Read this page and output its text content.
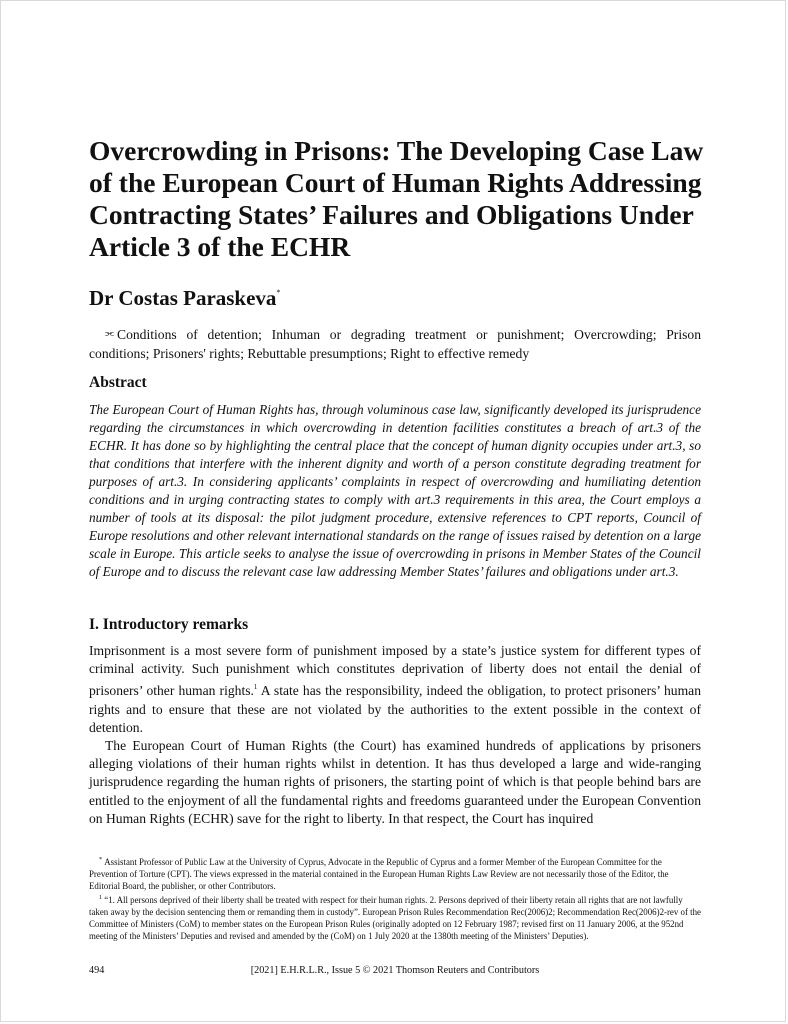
Overcrowding in Prisons: The Developing Case Law of the European Court of Human Rights Addressing Contracting States’ Failures and Obligations Under Article 3 of the ECHR
Dr Costas Paraskeva*

⫘ Conditions of detention; Inhuman or degrading treatment or punishment; Overcrowding; Prison conditions; Prisoners' rights; Rebuttable presumptions; Right to effective remedy

Abstract

The European Court of Human Rights has, through voluminous case law, significantly developed its jurisprudence regarding the circumstances in which overcrowding in detention facilities constitutes a breach of art.3 of the ECHR. It has done so by highlighting the central place that the concept of human dignity occupies under art.3, so that conditions that interfere with the inherent dignity and worth of a person constitute degrading treatment for purposes of art.3. In considering applicants’ complaints in respect of overcrowding and humiliating detention conditions and in urging contracting states to comply with art.3 requirements in this area, the Court employs a number of tools at its disposal: the pilot judgment procedure, extensive references to CPT reports, Council of Europe resolutions and other relevant international standards on the range of issues raised by detention on a large scale in Europe. This article seeks to analyse the issue of overcrowding in prisons in Member States of the Council of Europe and to discuss the relevant case law addressing Member States’ failures and obligations under art.3.

I. Introductory remarks

Imprisonment is a most severe form of punishment imposed by a state’s justice system for different types of criminal activity. Such punishment which constitutes deprivation of liberty does not entail the denial of prisoners’ other human rights.$^1$ A state has the responsibility, indeed the obligation, to protect prisoners’ human rights and to ensure that these are not violated by the authorities to the extent possible in the context of detention.

The European Court of Human Rights (the Court) has examined hundreds of applications by prisoners alleging violations of their human rights whilst in detention. It has thus developed a large and wide-ranging jurisprudence regarding the human rights of prisoners, the starting point of which is that people behind bars are entitled to the enjoyment of all the fundamental rights and freedoms guaranteed under the European Convention on Human Rights (ECHR) save for the right to liberty. In that respect, the Court has inquired

* Assistant Professor of Public Law at the University of Cyprus, Advocate in the Republic of Cyprus and a former Member of the European Committee for the Prevention of Torture (CPT). The views expressed in the material contained in the European Human Rights Law Review are not necessarily those of the Editor, the Editorial Board, the publisher, or other Contributors.

$^1$ “1. All persons deprived of their liberty shall be treated with respect for their human rights. 2. Persons deprived of their liberty retain all rights that are not lawfully taken away by the decision sentencing them or remanding them in custody”. European Prison Rules Recommendation Rec(2006)2; Recommendation Rec(2006)2-rev of the Committee of Ministers (CoM) to member states on the European Prison Rules (originally adopted on 12 February 1987; revised first on 11 January 2006, at the 952nd meeting of the Ministers’ Deputies and revised and amended by the (CoM) on 1 July 2020 at the 1380th meeting of the Ministers’ Deputies).

494	[2021] E.H.R.L.R., Issue 5 © 2021 Thomson Reuters and Contributors
